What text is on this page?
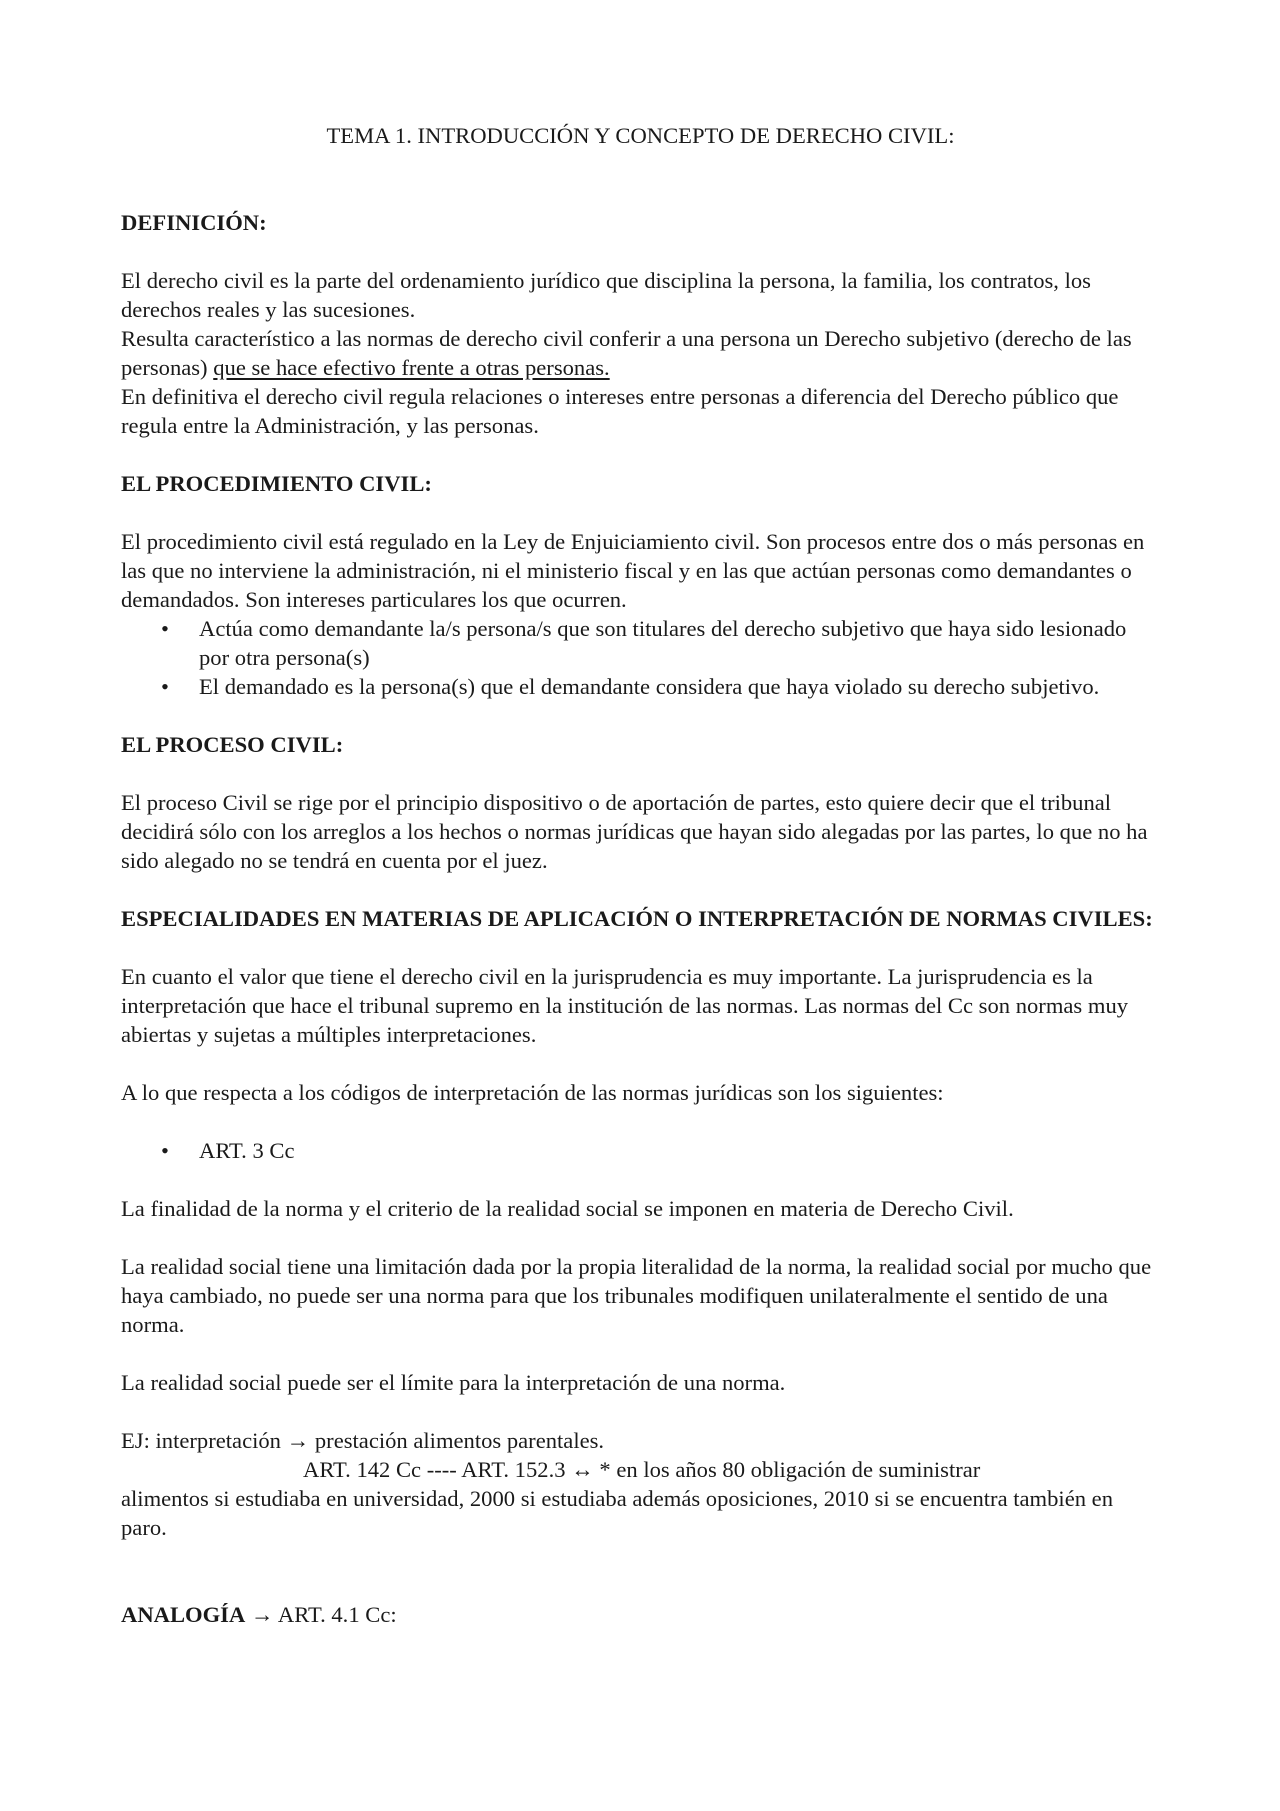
TEMA 1. INTRODUCCIÓN Y CONCEPTO DE DERECHO CIVIL:
DEFINICIÓN:

El derecho civil es la parte del ordenamiento jurídico que disciplina la persona, la familia, los contratos, los derechos reales y las sucesiones.

Resulta característico a las normas de derecho civil conferir a una persona un Derecho subjetivo (derecho de las personas) que se hace efectivo frente a otras personas.

En definitiva el derecho civil regula relaciones o intereses entre personas a diferencia del Derecho público que regula entre la Administración, y las personas.

EL PROCEDIMIENTO CIVIL:

El procedimiento civil está regulado en la Ley de Enjuiciamiento civil. Son procesos entre dos o más personas en las que no interviene la administración, ni el ministerio fiscal y en las que actúan personas como demandantes o demandados. Son intereses particulares los que ocurren.

• Actúa como demandante la/s persona/s que son titulares del derecho subjetivo que haya sido lesionado por otra persona(s)
• El demandado es la persona(s) que el demandante considera que haya violado su derecho subjetivo.
EL PROCESO CIVIL:

El proceso Civil se rige por el principio dispositivo o de aportación de partes, esto quiere decir que el tribunal decidirá sólo con los arreglos a los hechos o normas jurídicas que hayan sido alegadas por las partes, lo que no ha sido alegado no se tendrá en cuenta por el juez.

ESPECIALIDADES EN MATERIAS DE APLICACIÓN O INTERPRETACIÓN DE NORMAS CIVILES:

En cuanto el valor que tiene el derecho civil en la jurisprudencia es muy importante. La jurisprudencia es la interpretación que hace el tribunal supremo en la institución de las normas. Las normas del Cc son normas muy abiertas y sujetas a múltiples interpretaciones.

A lo que respecta a los códigos de interpretación de las normas jurídicas son los siguientes:

• ART. 3 Cc

La finalidad de la norma y el criterio de la realidad social se imponen en materia de Derecho Civil.

La realidad social tiene una limitación dada por la propia literalidad de la norma, la realidad social por mucho que haya cambiado, no puede ser una norma para que los tribunales modifiquen unilateralmente el sentido de una norma.

La realidad social puede ser el límite para la interpretación de una norma.

EJ: interpretación → prestación alimentos parentales.

ART. 142 Cc ---- ART. 152.3 ↔ * en los años 80 obligación de suministrar

alimentos si estudiaba en universidad, 2000 si estudiaba además oposiciones, 2010 si se encuentra también en paro.

ANALOGÍA → ART. 4.1 Cc:
